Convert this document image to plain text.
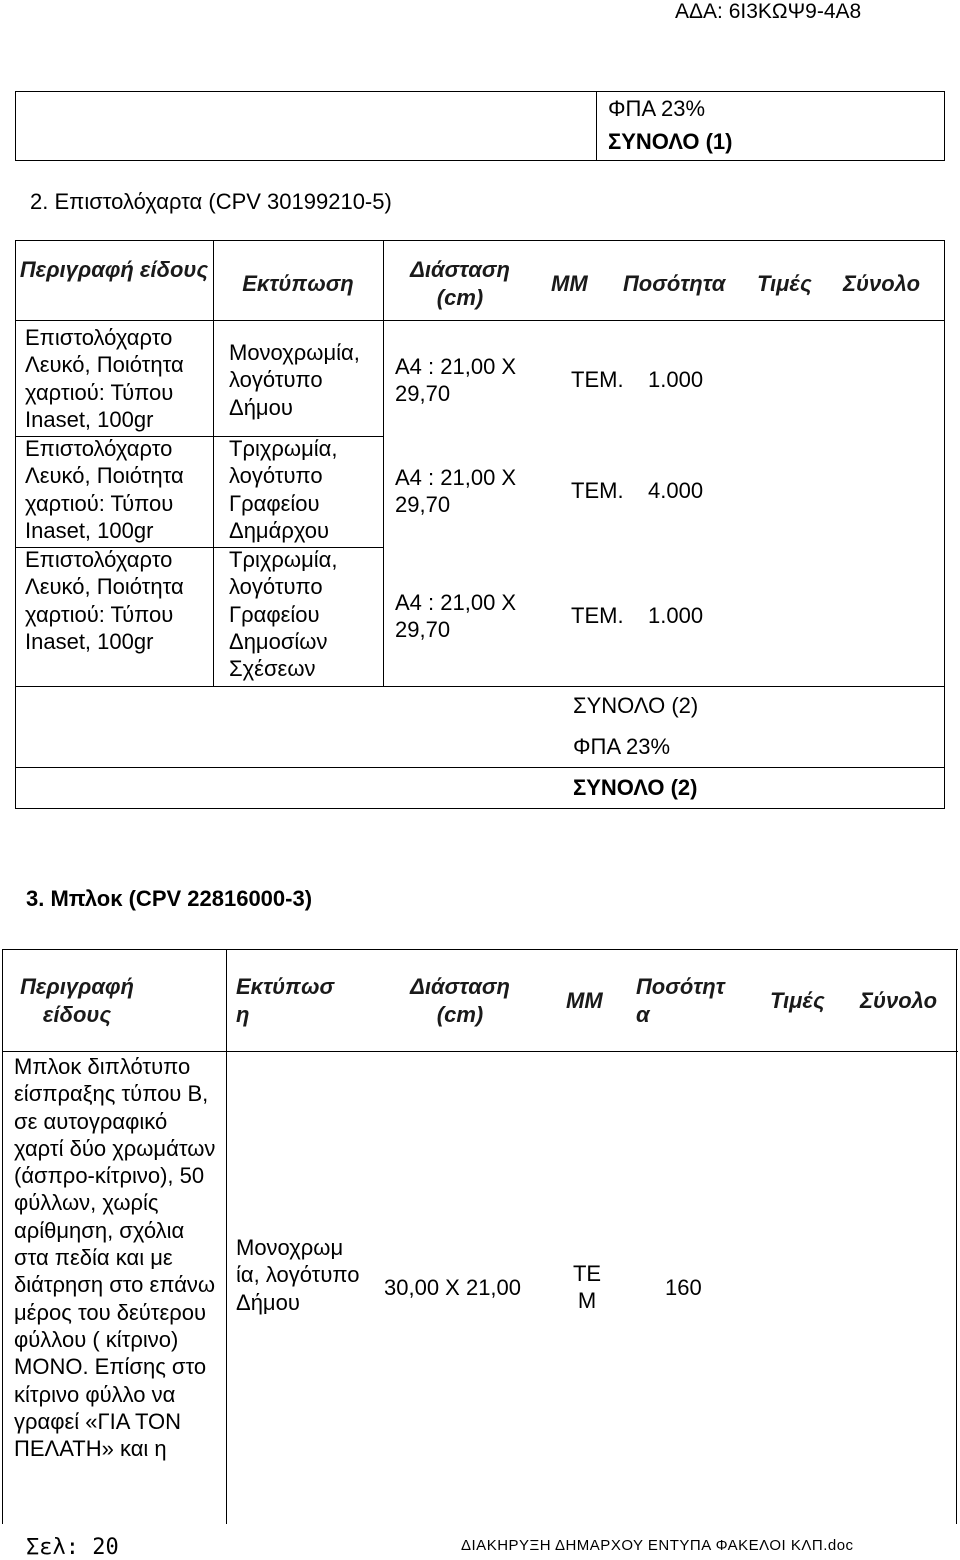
ΑΔΑ: 6Ι3ΚΩΨ9-4Α8
ΦΠΑ 23%
ΣΥΝΟΛΟ (1)
2. Επιστολόχαρτα (CPV 30199210-5)
Περιγραφή είδους
Εκτύπωση
Διάσταση (cm)
ΜΜ Ποσότητα Τιμές Σύνολο
Επιστολόχαρτο Λευκό, Ποιότητα χαρτιού: Τύπου Inaset, 100gr
Μονοχρωμία, λογότυπο Δήμου
Α4 : 21,00 Χ 29,70
ΤΕΜ. 1.000
Επιστολόχαρτο Λευκό, Ποιότητα χαρτιού: Τύπου Inaset, 100gr
Τριχρωμία, λογότυπο Γραφείου Δημάρχου
Α4 : 21,00 Χ 29,70
ΤΕΜ. 4.000
Επιστολόχαρτο Λευκό, Ποιότητα χαρτιού: Τύπου Inaset, 100gr
Τριχρωμία, λογότυπο Γραφείου Δημοσίων Σχέσεων
Α4 : 21,00 Χ 29,70
ΤΕΜ. 1.000
ΣΥΝΟΛΟ (2)
ΦΠΑ 23%
ΣΥΝΟΛΟ (2)
3. Μπλοκ (CPV 22816000-3)
Περιγραφή είδους
Εκτύπωσ η
Διάσταση (cm)
ΜΜ
Ποσότητ α
Τιμές Σύνολο
Μπλοκ διπλότυπο είσπραξης τύπου Β, σε αυτογραφικό χαρτί δύο χρωμάτων (άσπρο-κίτρινο), 50 φύλλων, χωρίς αρίθμηση, σχόλια στα πεδία και με διάτρηση στο επάνω μέρος του δεύτερου φύλλου ( κίτρινο) ΜΟΝΟ. Επίσης στο κίτρινο φύλλο να γραφεί «ΓΙΑ ΤΟΝ ΠΕΛΑΤΗ» και η
Μονοχρωμ ία, λογότυπο Δήμου
30,00 Χ 21,00
ΤΕ Μ
160
Σελ: 20	ΔΙΑΚΗΡΥΞΗ ΔΗΜΑΡΧΟΥ ΕΝΤΥΠΑ ΦΑΚΕΛΟΙ ΚΛΠ.doc
